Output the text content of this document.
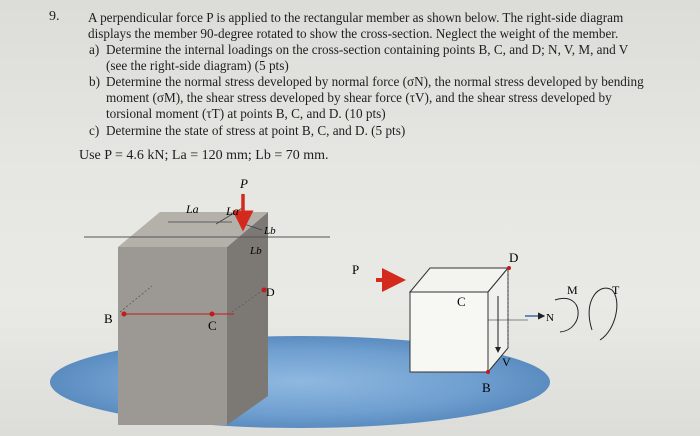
9. A perpendicular force P is applied to the rectangular member as shown below. The right-side diagram
displays the member 90-degree rotated to show the cross-section. Neglect the weight of the member.
a) Determine the internal loadings on the cross-section containing points B, C, and D; N, V, M, and V
(see the right-side diagram) (5 pts)
b) Determine the normal stress developed by normal force (σN), the normal stress developed by bending
moment (σM), the shear stress developed by shear force (τV), and the shear stress developed by
torsional moment (τT) at points B, C, and D. (10 pts)
c) Determine the state of stress at point B, C, and D. (5 pts)
Use P = 4.6 kN; La = 120 mm; Lb = 70 mm.
P
La La
Lb
Lb
D
B	C
P
D
C
V
B
N
M	T
